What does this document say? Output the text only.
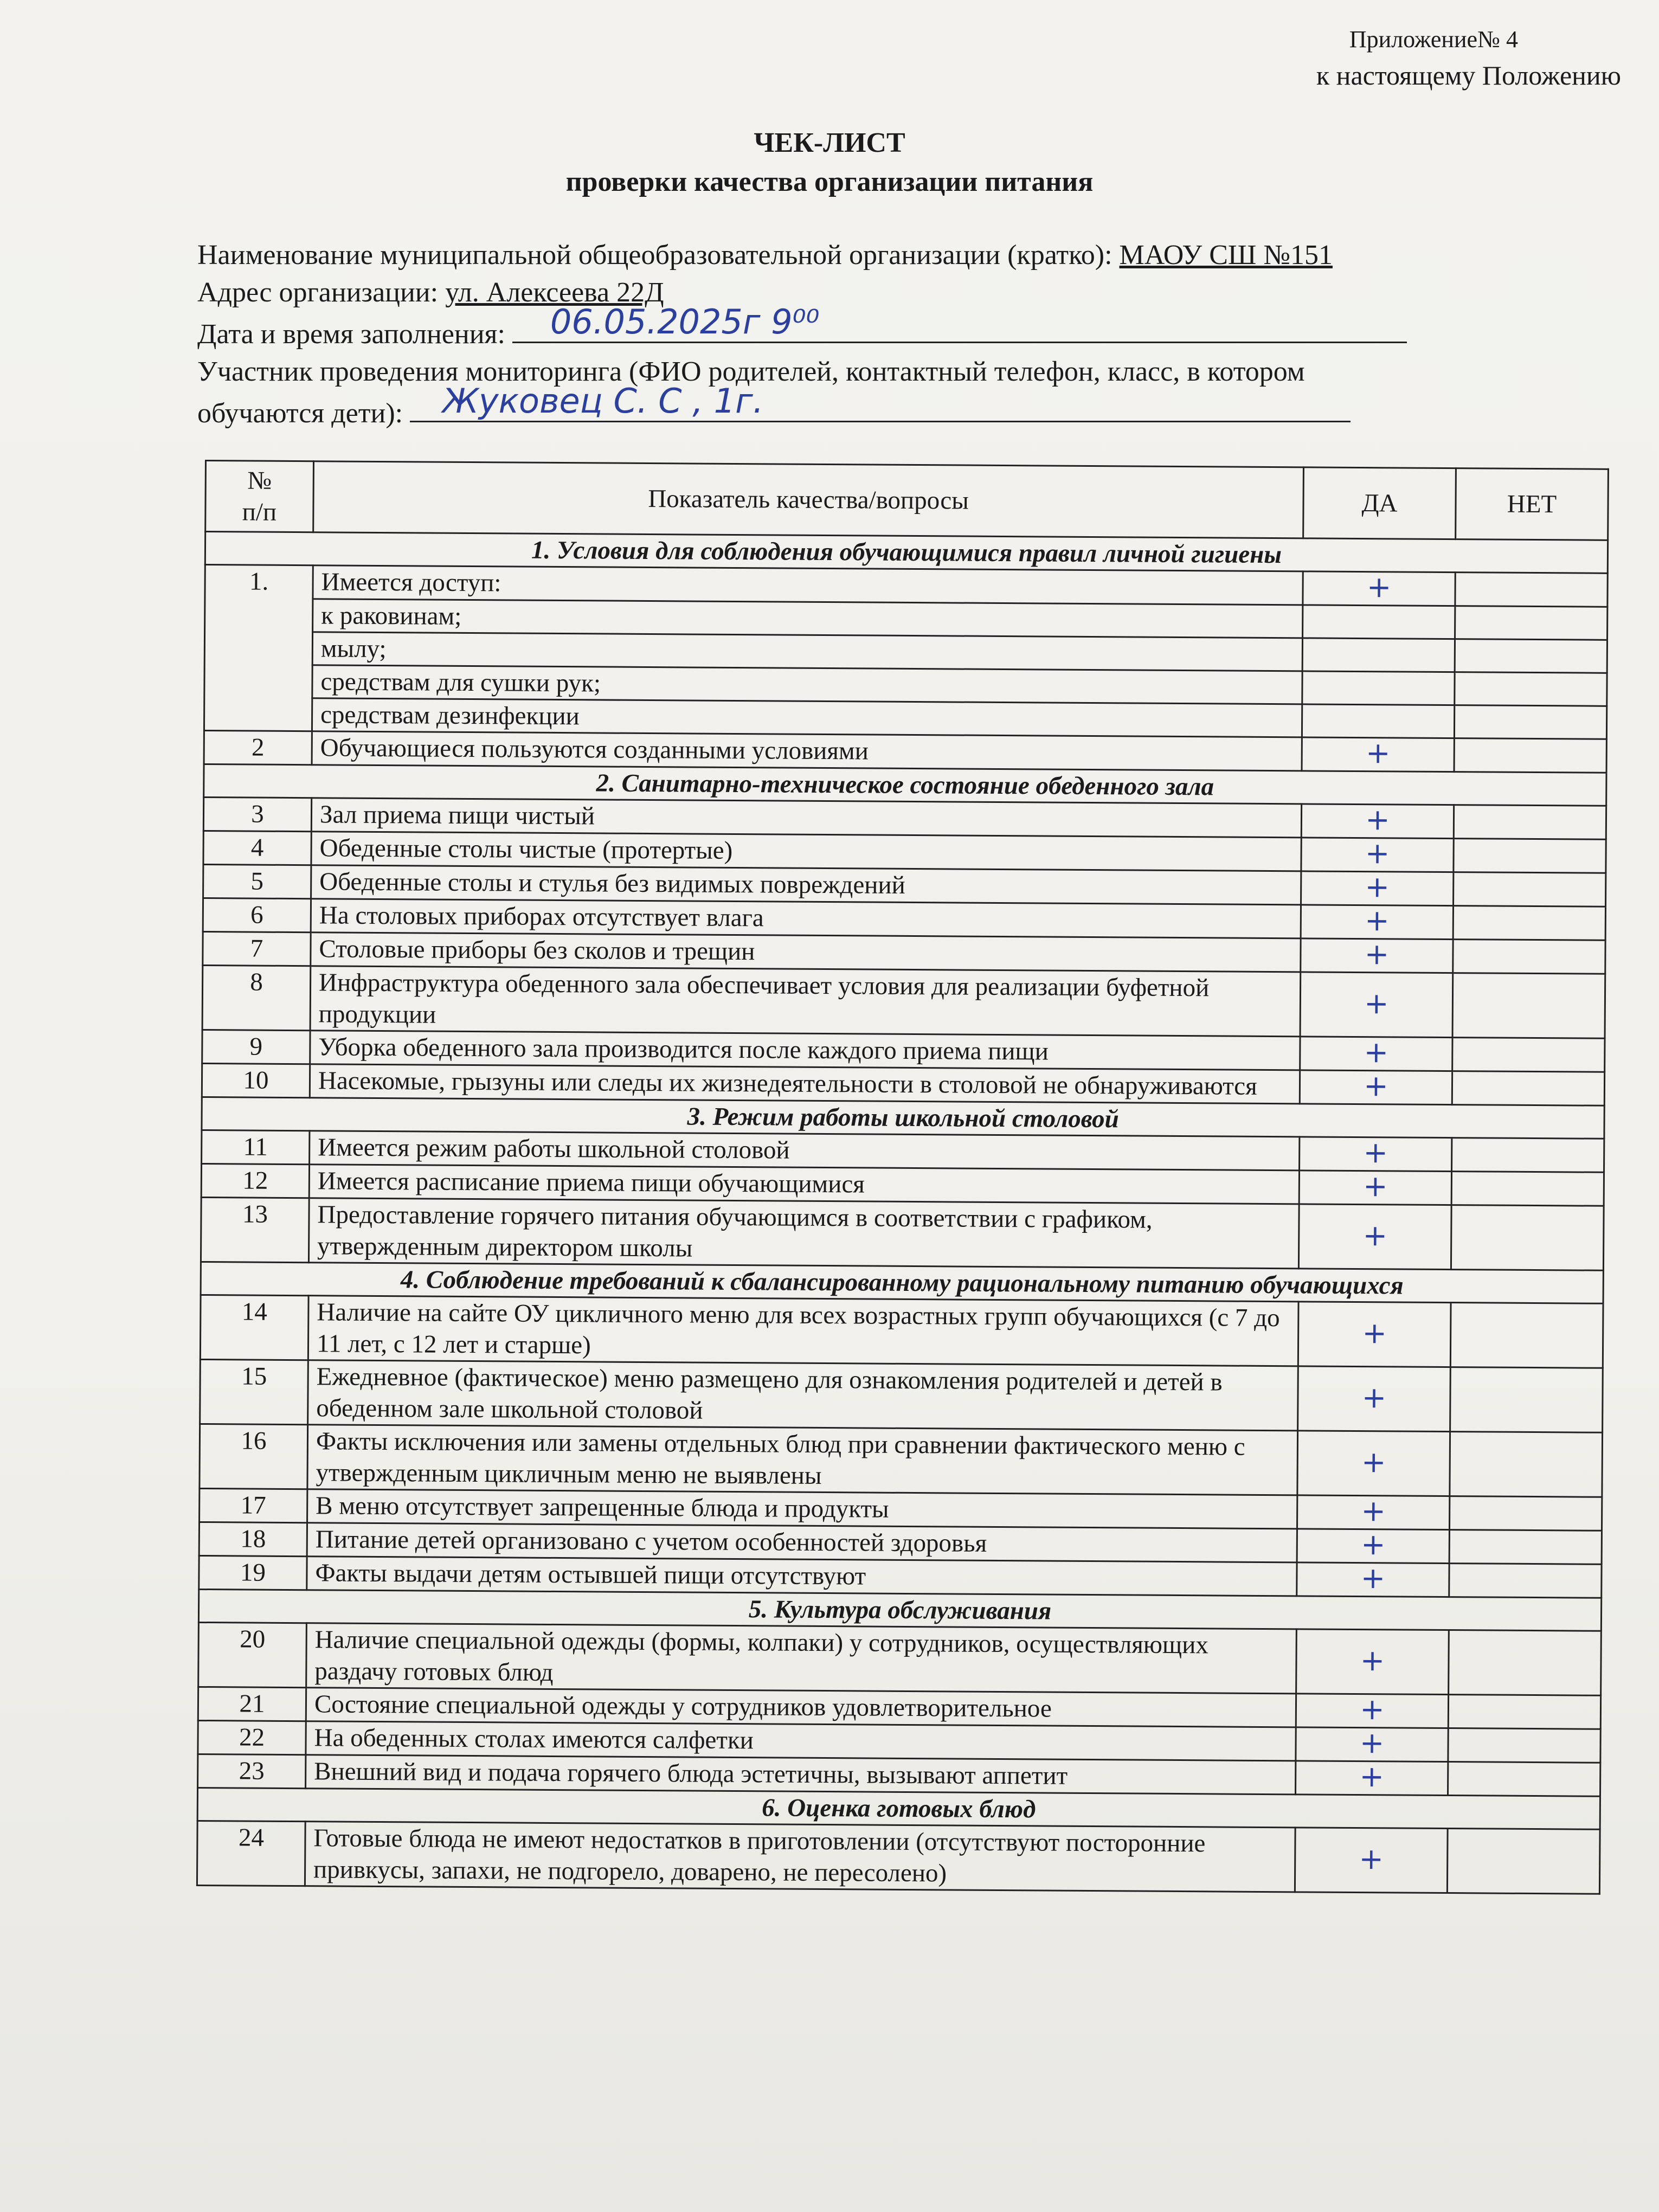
Приложение№ 4
к настоящему Положению
ЧЕК-ЛИСТ
проверки качества организации питания
Наименование муниципальной общеобразовательной организации (кратко): МАОУ СШ №151
Адрес организации: ул. Алексеева 22Д
Дата и время заполнения: 06.05.2025г 9⁰⁰
Участник проведения мониторинга (ФИО родителей, контактный телефон, класс, в котором
обучаются дети): Жуковец С. С , 1г.
№
п/п	Показатель качества/вопросы	ДА	НЕТ
1. Условия для соблюдения обучающимися правил личной гигиены			
1.	Имеется доступ:	+	
	к раковинам;		
	мылу;		
	средствам для сушки рук;		
	средствам дезинфекции		
2	Обучающиеся пользуются созданными условиями	+	
2. Санитарно-техническое состояние обеденного зала			
3	Зал приема пищи чистый	+	
4	Обеденные столы чистые (протертые)	+	
5	Обеденные столы и стулья без видимых повреждений	+	
6	На столовых приборах отсутствует влага	+	
7	Столовые приборы без сколов и трещин	+	
8	Инфраструктура обеденного зала обеспечивает условия для реализации буфетной продукции	+	
9	Уборка обеденного зала производится после каждого приема пищи	+	
10	Насекомые, грызуны или следы их жизнедеятельности в столовой не обнаруживаются	+	
3. Режим работы школьной столовой			
11	Имеется режим работы школьной столовой	+	
12	Имеется расписание приема пищи обучающимися	+	
13	Предоставление горячего питания обучающимся в соответствии с графиком, утвержденным директором школы	+	
4. Соблюдение требований к сбалансированному рациональному питанию обучающихся			
14	Наличие на сайте ОУ цикличного меню для всех возрастных групп обучающихся (с 7 до 11 лет, с 12 лет и старше)	+	
15	Ежедневное (фактическое) меню размещено для ознакомления родителей и детей в обеденном зале школьной столовой	+	
16	Факты исключения или замены отдельных блюд при сравнении фактического меню с утвержденным цикличным меню не выявлены	+	
17	В меню отсутствует запрещенные блюда и продукты	+	
18	Питание детей организовано с учетом особенностей здоровья	+	
19	Факты выдачи детям остывшей пищи отсутствуют	+	
5. Культура обслуживания			
20	Наличие специальной одежды (формы, колпаки) у сотрудников, осуществляющих раздачу готовых блюд	+	
21	Состояние специальной одежды у сотрудников удовлетворительное	+	
22	На обеденных столах имеются салфетки	+	
23	Внешний вид и подача горячего блюда эстетичны, вызывают аппетит	+	
6. Оценка готовых блюд			
24	Готовые блюда не имеют недостатков в приготовлении (отсутствуют посторонние привкусы, запахи, не подгорело, доварено, не пересолено)	+	
